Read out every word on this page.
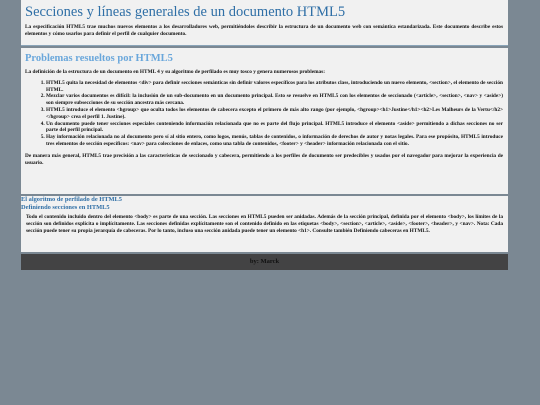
Secciones y líneas generales de un documento HTML5

La especificación HTML5 trae muchos nuevos elementos a los desarrolladores web, permitiéndoles describir la estructura de un documento web con semántica estandarizada. Este documento describe estos elementos y cómo usarlos para definir el perfil de cualquier documento.

Problemas resueltos por HTML5

La definición de la estructura de un documento en HTML 4 y su algoritmo de perfilado es muy tosco y genera numerosos problemas:

1. HTML5 quita la necesidad de elementos <div> para definir secciones semánticas sin definir valores específicos para los atributos class, introduciendo un nuevo elemento, <section>, el elemento de sección HTML.
2. Mezclar varios documentos es difícil: la inclusión de un sub-documento en un documento principal. Esto se resuelve en HTML5 con los elementos de seccionado (<article>, <section>, <nav> y <aside>) son siempre subsecciones de su sección ancestra más cercana.
3. HTML5 introduce el elemento <hgroup> que oculta todos los elementos de cabecera excepto el primero de más alto rango (por ejemplo, <hgroup><h1>Justine</h1><h2>Les Malheurs de la Vertu</h2></hgroup> crea el perfil 1. Justine).
4. Un documento puede tener secciones especiales conteniendo información relacionada que no es parte del flujo principal. HTML5 introduce el elemento <aside> permitiendo a dichas secciones no ser parte del perfil principal.
5. Hay información relacionada no al documento pero sí al sitio entero, como logos, menús, tablas de contenidos, o información de derechos de autor y notas legales. Para ese propósito, HTML5 introduce tres elementos de sección específicos: <nav> para colecciones de enlaces, como una tabla de contenidos, <footer> y <header> información relacionada con el sitio.

De manera más general, HTML5 trae precisión a las características de seccionado y cabecera, permitiendo a los perfiles de documento ser predecibles y usados por el navegador para mejorar la experiencia de usuario.

El algoritmo de perfilado de HTML5
Definiendo secciones en HTML5

Todo el contenido incluido dentro del elemento <body> es parte de una sección. Las secciones en HTML5 pueden ser anidadas. Además de la sección principal, definida por el elemento <body>, los límites de la sección son definidos explícita o implícitamente. Las secciones definidas explícitamente son el contenido definido en las etiquetas <body>, <section>, <article>, <aside>, <footer>, <header>, y <nav>. Nota: Cada sección puede tener su propia jerarquía de cabeceras. Por lo tanto, incluso una sección anidada puede tener un elemento <h1>. Consulte también Definiendo cabeceras en HTML5.

by: Marck
